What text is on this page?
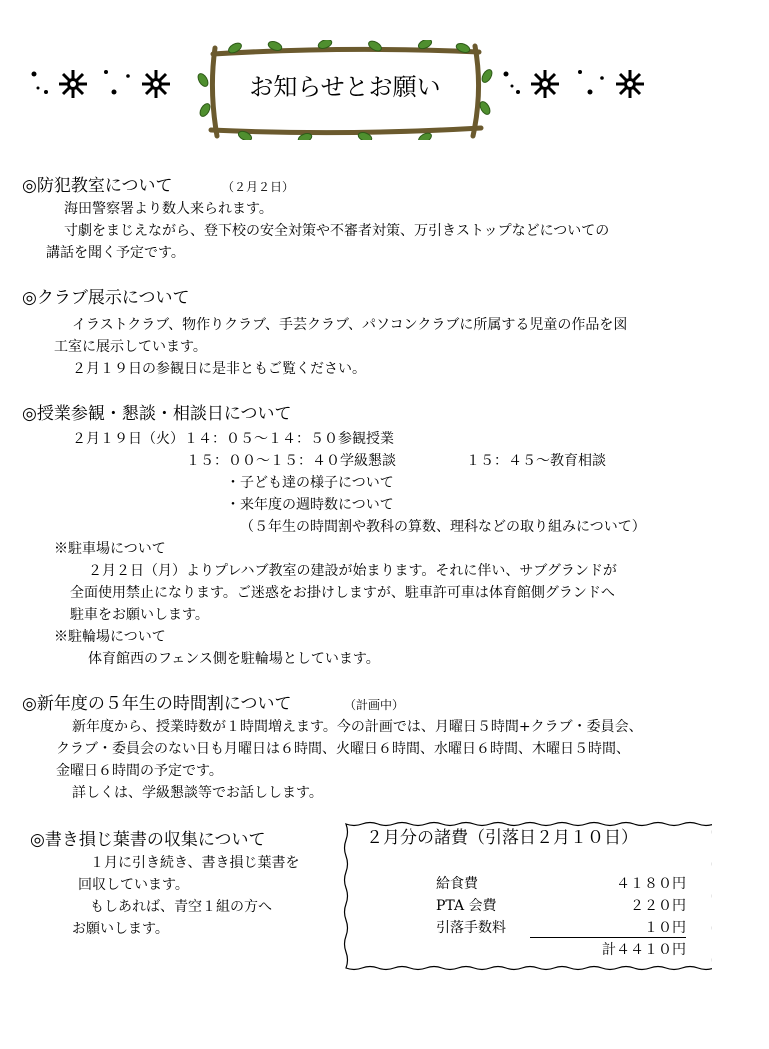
お知らせとお願い
◎防犯教室について	（２月２日）
海田警察署より数人来られます。
寸劇をまじえながら、登下校の安全対策や不審者対策、万引きストップなどについての
講話を聞く予定です。
◎クラブ展示について
イラストクラブ、物作りクラブ、手芸クラブ、パソコンクラブに所属する児童の作品を図
工室に展示しています。
２月１９日の参観日に是非ともご覧ください。
◎授業参観・懇談・相談日について
２月１９日（火）１４：０５～１４：５０参観授業
１５：００～１５：４０学級懇談	１５：４５～教育相談
・子ども達の様子について
・来年度の週時数について
（５年生の時間割や教科の算数、理科などの取り組みについて）
※駐車場について
２月２日（月）よりプレハブ教室の建設が始まります。それに伴い、サブグランドが
全面使用禁止になります。ご迷惑をお掛けしますが、駐車許可車は体育館側グランドへ
駐車をお願いします。
※駐輪場について
体育館西のフェンス側を駐輪場としています。
◎新年度の５年生の時間割について	（計画中）
新年度から、授業時数が１時間増えます。今の計画では、月曜日５時間+クラブ・委員会、
クラブ・委員会のない日も月曜日は６時間、火曜日６時間、水曜日６時間、木曜日５時間、
金曜日６時間の予定です。
詳しくは、学級懇談等でお話しします。
◎書き損じ葉書の収集について
１月に引き続き、書き損じ葉書を
回収しています。
もしあれば、青空１組の方へ
お願いします。
２月分の諸費（引落日２月１０日）
給食費	４１８０円
PTA 会費	２２０円
引落手数料	１０円
計４４１０円
